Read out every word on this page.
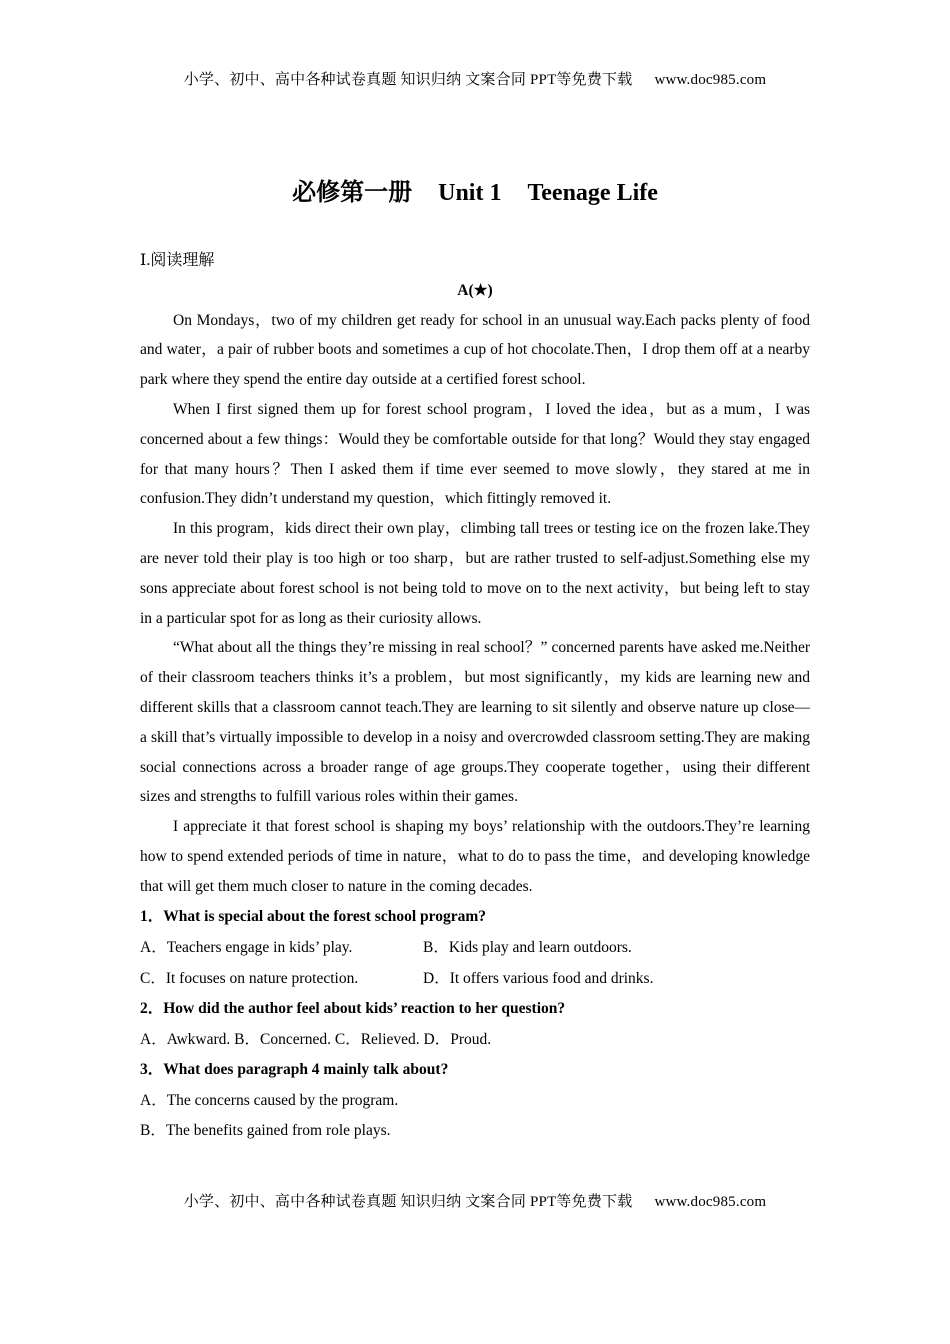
小学、初中、高中各种试卷真题 知识归纳 文案合同 PPT等免费下载 www.doc985.com
必修第一册 Unit 1 Teenage Life

Ⅰ.阅读理解

A(★)

On Mondays，two of my children get ready for school in an unusual way.Each packs plenty of food and water，a pair of rubber boots and sometimes a cup of hot chocolate.Then，I drop them off at a nearby park where they spend the entire day outside at a certified forest school.

When I first signed them up for forest school program，I loved the idea，but as a mum，I was concerned about a few things：Would they be comfortable outside for that long？Would they stay engaged for that many hours？Then I asked them if time ever seemed to move slowly，they stared at me in confusion.They didn’t understand my question，which fittingly removed it.

In this program，kids direct their own play，climbing tall trees or testing ice on the frozen lake.They are never told their play is too high or too sharp，but are rather trusted to self-adjust.Something else my sons appreciate about forest school is not being told to move on to the next activity，but being left to stay in a particular spot for as long as their curiosity allows.

“What about all the things they’re missing in real school？” concerned parents have asked me.Neither of their classroom teachers thinks it’s a problem，but most significantly，my kids are learning new and different skills that a classroom cannot teach.They are learning to sit silently and observe nature up close—a skill that’s virtually impossible to develop in a noisy and overcrowded classroom setting.They are making social connections across a broader range of age groups.They cooperate together，using their different sizes and strengths to fulfill various roles within their games.

I appreciate it that forest school is shaping my boys’ relationship with the outdoors.They’re learning how to spend extended periods of time in nature，what to do to pass the time，and developing knowledge that will get them much closer to nature in the coming decades.

1．What is special about the forest school program?

A．Teachers engage in kids’ play.	B．Kids play and learn outdoors.
C．It focuses on nature protection.	D．It offers various food and drinks.

2．How did the author feel about kids’ reaction to her question?

A．Awkward. B．Concerned. C．Relieved. D．Proud.

3．What does paragraph 4 mainly talk about?

A．The concerns caused by the program.

B．The benefits gained from role plays.

小学、初中、高中各种试卷真题 知识归纳 文案合同 PPT等免费下载 www.doc985.com
